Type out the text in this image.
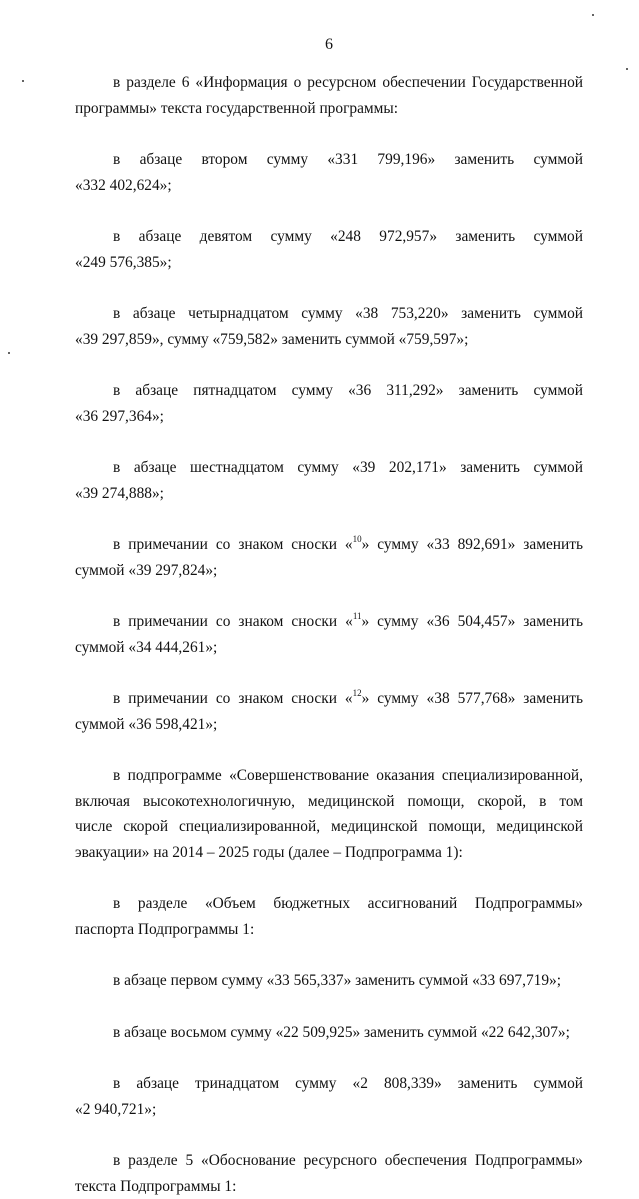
6
в разделе 6 «Информация о ресурсном обеспечении Государственной
программы» текста государственной программы:
в абзаце втором сумму «331 799,196» заменить суммой
«332 402,624»;
в абзаце девятом сумму «248 972,957» заменить суммой
«249 576,385»;
в абзаце четырнадцатом сумму «38 753,220» заменить суммой
«39 297,859», сумму «759,582» заменить суммой «759,597»;
в абзаце пятнадцатом сумму «36 311,292» заменить суммой
«36 297,364»;
в абзаце шестнадцатом сумму «39 202,171» заменить суммой
«39 274,888»;
в примечании со знаком сноски «$^{10}$» сумму «33 892,691» заменить
суммой «39 297,824»;
в примечании со знаком сноски «$^{11}$» сумму «36 504,457» заменить
суммой «34 444,261»;
в примечании со знаком сноски «$^{12}$» сумму «38 577,768» заменить
суммой «36 598,421»;
в подпрограмме «Совершенствование оказания специализированной,
включая высокотехнологичную, медицинской помощи, скорой, в том
числе скорой специализированной, медицинской помощи, медицинской
эвакуации» на 2014 – 2025 годы (далее – Подпрограмма 1):
в разделе «Объем бюджетных ассигнований Подпрограммы»
паспорта Подпрограммы 1:
в абзаце первом сумму «33 565,337» заменить суммой «33 697,719»;
в абзаце восьмом сумму «22 509,925» заменить суммой «22 642,307»;
в абзаце тринадцатом сумму «2 808,339» заменить суммой
«2 940,721»;
в разделе 5 «Обоснование ресурсного обеспечения Подпрограммы»
текста Подпрограммы 1:
